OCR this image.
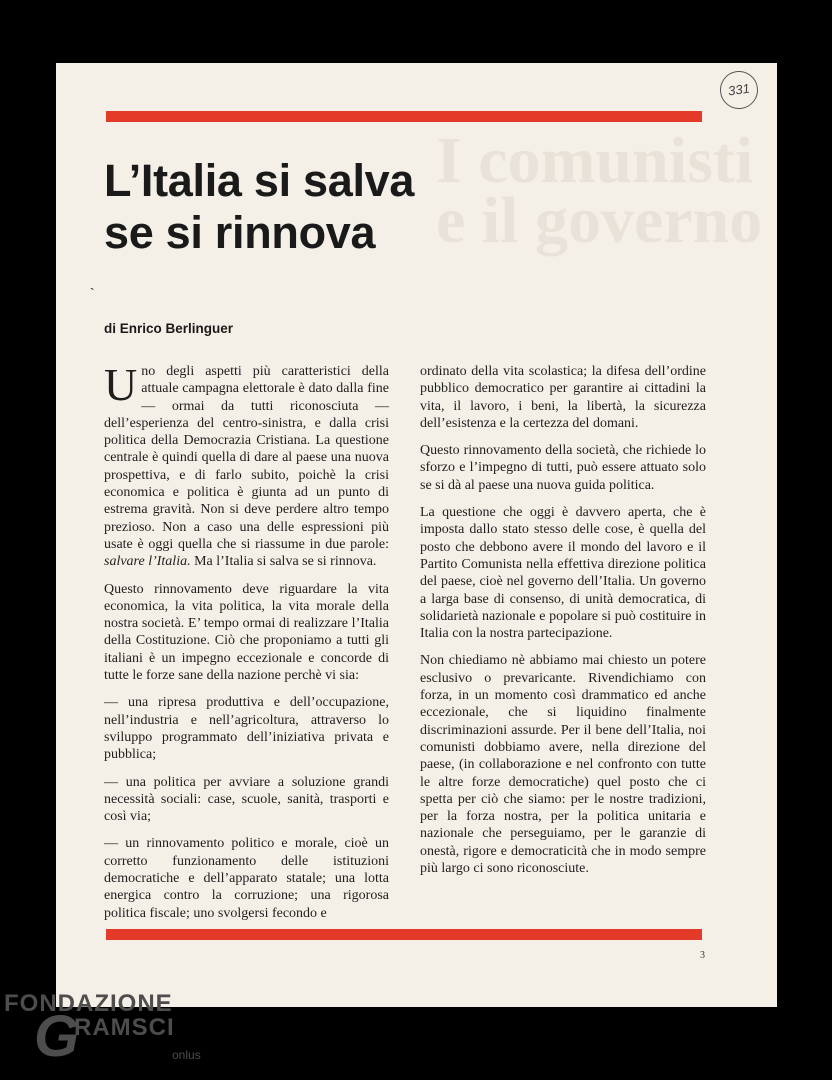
I comunisti
e il governo
331
L’Italia si salva
se si rinnova
`
di Enrico Berlinguer

Uno degli aspetti più caratteristici della attuale campagna elettorale è dato dalla fine — ormai da tutti riconosciuta — dell’esperienza del centro-sinistra, e dalla crisi politica della Democrazia Cristiana. La questione centrale è quindi quella di dare al paese una nuova prospettiva, e di farlo subito, poichè la crisi economica e politica è giunta ad un punto di estrema gravità. Non si deve perdere altro tempo prezioso. Non a caso una delle espressioni più usate è oggi quella che si riassume in due parole: salvare l’Italia. Ma l’Italia si salva se si rinnova.

Questo rinnovamento deve riguardare la vita economica, la vita politica, la vita morale della nostra società. E’ tempo ormai di realizzare l’Italia della Costituzione. Ciò che proponiamo a tutti gli italiani è un impegno eccezionale e concorde di tutte le forze sane della nazione perchè vi sia:

— una ripresa produttiva e dell’occupazione, nell’industria e nell’agricoltura, attraverso lo sviluppo programmato dell’iniziativa privata e pubblica;

— una politica per avviare a soluzione grandi necessità sociali: case, scuole, sanità, trasporti e così via;

— un rinnovamento politico e morale, cioè un corretto funzionamento delle istituzioni democratiche e dell’apparato statale; una lotta energica contro la corruzione; una rigorosa politica fiscale; uno svolgersi fecondo e

ordinato della vita scolastica; la difesa dell’ordine pubblico democratico per garantire ai cittadini la vita, il lavoro, i beni, la libertà, la sicurezza dell’esistenza e la certezza del domani.

Questo rinnovamento della società, che richiede lo sforzo e l’impegno di tutti, può essere attuato solo se si dà al paese una nuova guida politica.

La questione che oggi è davvero aperta, che è imposta dallo stato stesso delle cose, è quella del posto che debbono avere il mondo del lavoro e il Partito Comunista nella effettiva direzione politica del paese, cioè nel governo dell’Italia. Un governo a larga base di consenso, di unità democratica, di solidarietà nazionale e popolare si può costituire in Italia con la nostra partecipazione.

Non chiediamo nè abbiamo mai chiesto un potere esclusivo o prevaricante. Rivendichiamo con forza, in un momento così drammatico ed anche eccezionale, che si liquidino finalmente discriminazioni assurde. Per il bene dell’Italia, noi comunisti dobbiamo avere, nella direzione del paese, (in collaborazione e nel confronto con tutte le altre forze democratiche) quel posto che ci spetta per ciò che siamo: per le nostre tradizioni, per la forza nostra, per la politica unitaria e nazionale che perseguiamo, per le garanzie di onestà, rigore e democraticità che in modo sempre più largo ci sono riconosciute.

3
FONDAZIONE
G
RAMSCI
onlus
